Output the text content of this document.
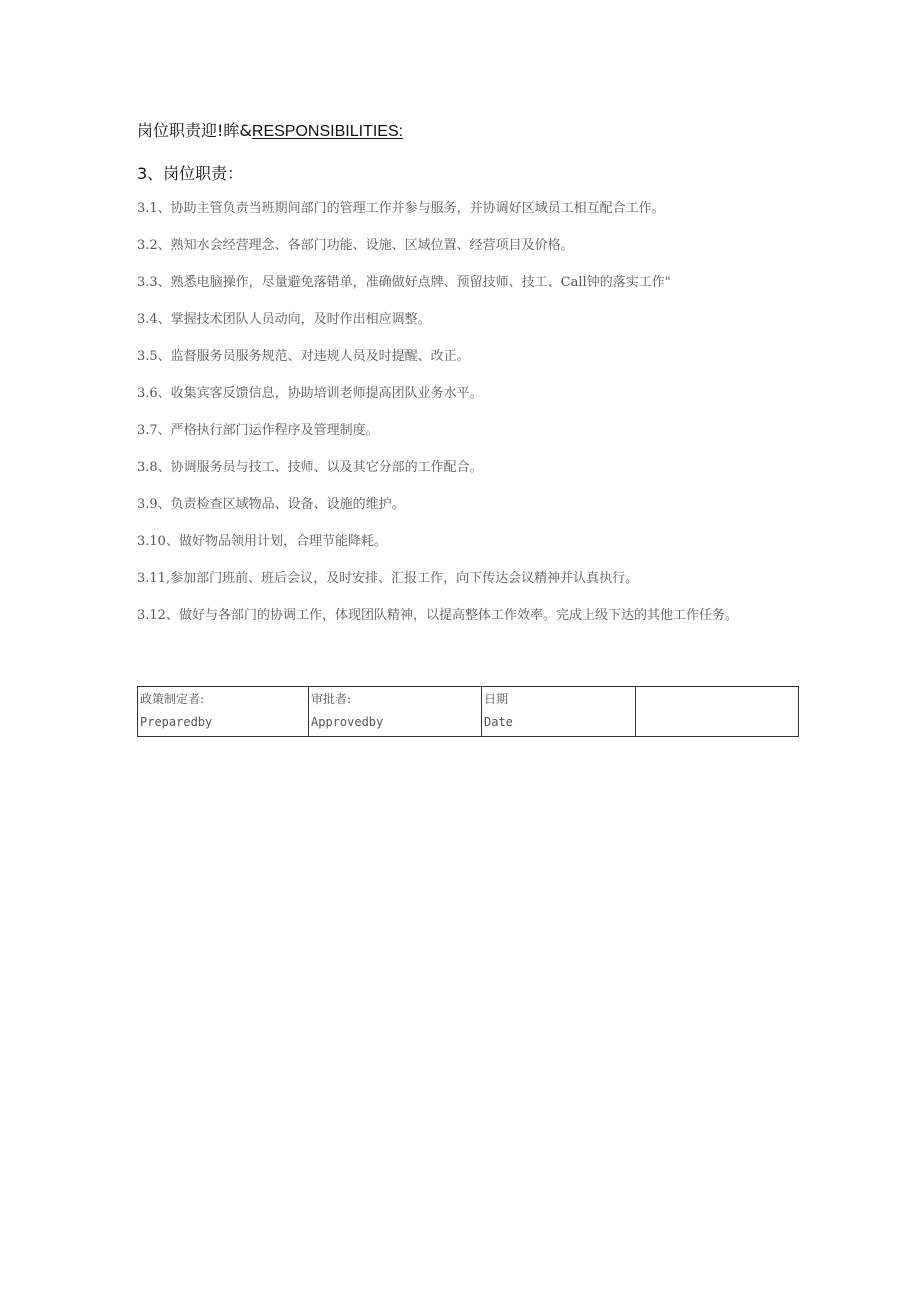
岗位职责迎!眸&RESPONSIBILITIES:
3、岗位职责：
3.1、协助主管负责当班期间部门的管理工作并参与服务，并协调好区域员工相互配合工作。
3.2、熟知水会经营理念、各部门功能、设施、区域位置、经营项目及价格。
3.3、熟悉电脑操作，尽量避免落错单，准确做好点牌、预留技师、技工、Call钟的落实工作"
3.4、掌握技术团队人员动向，及时作出相应调整。
3.5、监督服务员服务规范、对违规人员及时提醒、改正。
3.6、收集宾客反馈信息，协助培训老师提高团队业务水平。
3.7、严格执行部门运作程序及管理制度。
3.8、协调服务员与技工、技师、以及其它分部的工作配合。
3.9、负责检查区域物品、设备、设施的维护。
3.10、做好物品领用计划，合理节能降耗。
3.11,参加部门班前、班后会议，及时安排、汇报工作，向下传达会议精神并认真执行。
3.12、做好与各部门的协调工作，体现团队精神，以提高整体工作效率。完成上级下达的其他工作任务。
政策制定者:
Preparedby

审批者:
Approvedby

日期
Date
